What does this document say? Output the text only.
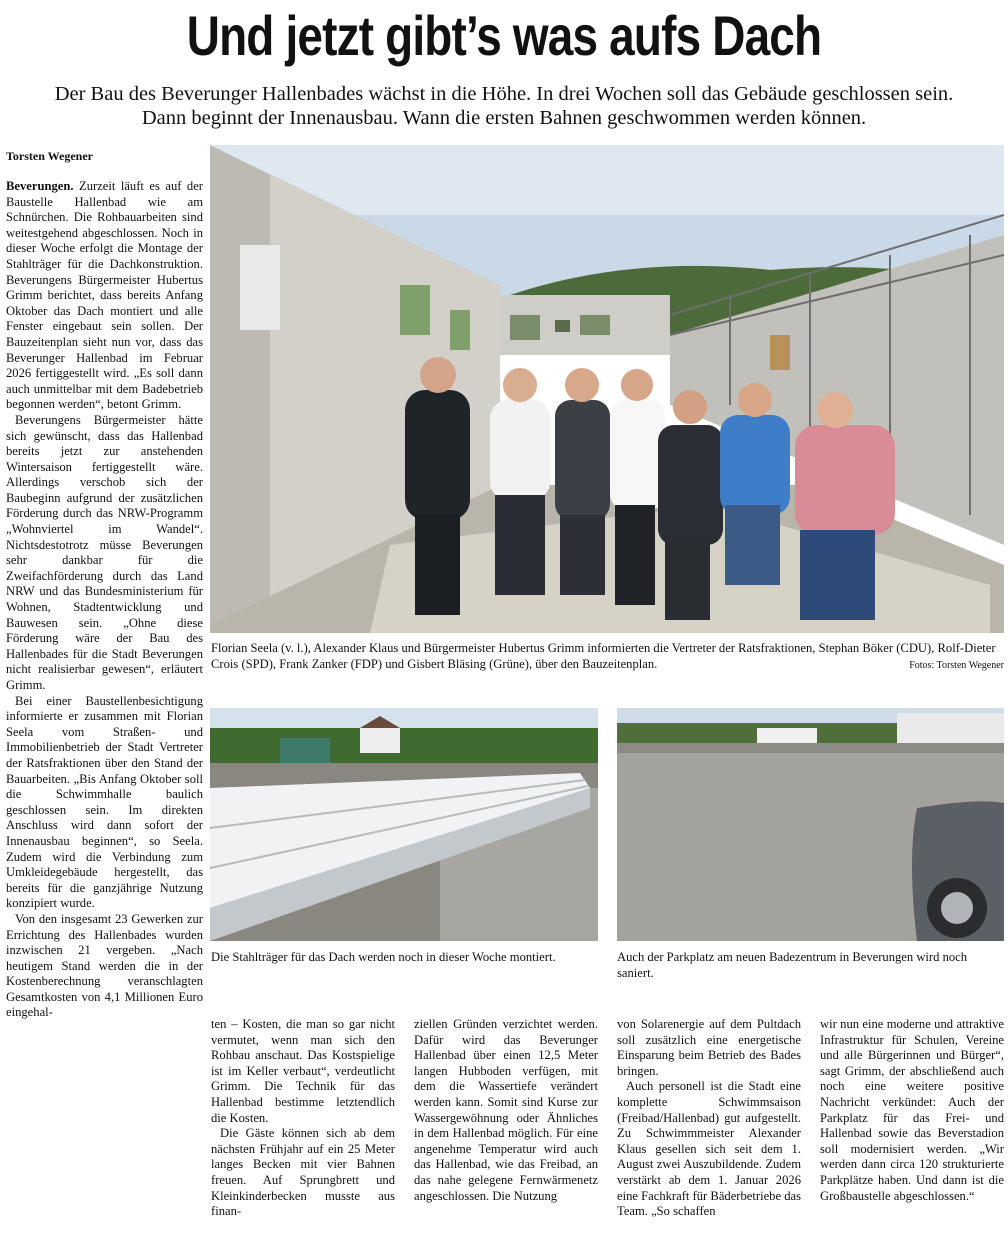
Und jetzt gibt’s was aufs Dach
Der Bau des Beverunger Hallenbades wächst in die Höhe. In drei Wochen soll das Gebäude geschlossen sein.
Dann beginnt der Innenausbau. Wann die ersten Bahnen geschwommen werden können.
Torsten Wegener

Beverungen. Zurzeit läuft es auf der Baustelle Hallenbad wie am Schnürchen. Die Rohbauarbeiten sind weitestgehend abgeschlossen. Noch in dieser Woche erfolgt die Montage der Stahlträger für die Dachkonstruktion. Beverungens Bürgermeister Hubertus Grimm berichtet, dass bereits Anfang Oktober das Dach montiert und alle Fenster eingebaut sein sollen. Der Bauzeitenplan sieht nun vor, dass das Beverunger Hallenbad im Februar 2026 fertiggestellt wird. „Es soll dann auch unmittelbar mit dem Badebetrieb begonnen werden“, betont Grimm.

Beverungens Bürgermeister hätte sich gewünscht, dass das Hallenbad bereits jetzt zur anstehenden Wintersaison fertiggestellt wäre. Allerdings verschob sich der Baubeginn aufgrund der zusätzlichen Förderung durch das NRW-Programm „Wohnviertel im Wandel“. Nichtsdestotrotz müsse Beverungen sehr dankbar für die Zweifachförderung durch das Land NRW und das Bundesministerium für Wohnen, Stadtentwicklung und Bauwesen sein. „Ohne diese Förderung wäre der Bau des Hallenbades für die Stadt Beverungen nicht realisierbar gewesen“, erläutert Grimm.

Bei einer Baustellenbesichtigung informierte er zusammen mit Florian Seela vom Straßen- und Immobilienbetrieb der Stadt Vertreter der Ratsfraktionen über den Stand der Bauarbeiten. „Bis Anfang Oktober soll die Schwimmhalle baulich geschlossen sein. Im direkten Anschluss wird dann sofort der Innenausbau beginnen“, so Seela. Zudem wird die Verbindung zum Umkleidegebäude hergestellt, das bereits für die ganzjährige Nutzung konzipiert wurde.

Von den insgesamt 23 Gewerken zur Errichtung des Hallenbades wurden inzwischen 21 vergeben. „Nach heutigem Stand werden die in der Kostenberechnung veranschlagten Gesamtkosten von 4,1 Millionen Euro eingehal-

Florian Seela (v. l.), Alexander Klaus und Bürgermeister Hubertus Grimm informierten die Vertreter der Ratsfraktionen, Stephan Böker (CDU), Rolf-Dieter Crois (SPD), Frank Zanker (FDP) und Gisbert Bläsing (Grüne), über den Bauzeitenplan.	Fotos: Torsten Wegener
Die Stahlträger für das Dach werden noch in dieser Woche montiert.	Auch der Parkplatz am neuen Badezentrum in Beverungen wird noch saniert.

ten – Kosten, die man so gar nicht vermutet, wenn man sich den Rohbau anschaut. Das Kostspielige ist im Keller verbaut“, verdeutlicht Grimm. Die Technik für das Hallenbad bestimme letztendlich die Kosten.

Die Gäste können sich ab dem nächsten Frühjahr auf ein 25 Meter langes Becken mit vier Bahnen freuen. Auf Sprungbrett und Kleinkinderbecken musste aus finan-

ziellen Gründen verzichtet werden. Dafür wird das Beverunger Hallenbad über einen 12,5 Meter langen Hubboden verfügen, mit dem die Wassertiefe verändert werden kann. Somit sind Kurse zur Wassergewöhnung oder Ähnliches in dem Hallenbad möglich. Für eine angenehme Temperatur wird auch das Hallenbad, wie das Freibad, an das nahe gelegene Fernwärmenetz angeschlossen. Die Nutzung

von Solarenergie auf dem Pultdach soll zusätzlich eine energetische Einsparung beim Betrieb des Bades bringen.

Auch personell ist die Stadt eine komplette Schwimmsaison (Freibad/Hallenbad) gut aufgestellt. Zu Schwimmmeister Alexander Klaus gesellen sich seit dem 1. August zwei Auszubildende. Zudem verstärkt ab dem 1. Januar 2026 eine Fachkraft für Bäderbetriebe das Team. „So schaffen

wir nun eine moderne und attraktive Infrastruktur für Schulen, Vereine und alle Bürgerinnen und Bürger“, sagt Grimm, der abschließend auch noch eine weitere positive Nachricht verkündet: Auch der Parkplatz für das Frei- und Hallenbad sowie das Beverstadion soll modernisiert werden. „Wir werden dann circa 120 strukturierte Parkplätze haben. Und dann ist die Großbaustelle abgeschlossen.“
